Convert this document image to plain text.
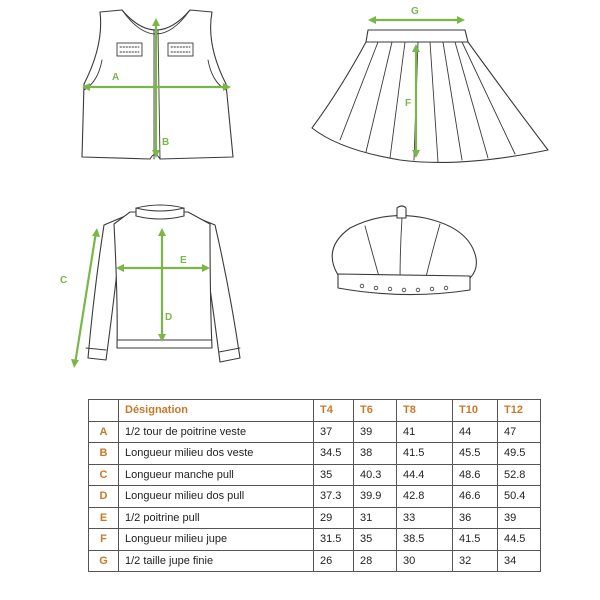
A
B
G
F
C
E
D
	Désignation	T4	T6	T8	T10	T12
A	1/2 tour de poitrine veste	37	39	41	44	47
B	Longueur milieu dos veste	34.5	38	41.5	45.5	49.5
C	Longueur manche pull	35	40.3	44.4	48.6	52.8
D	Longueur milieu dos pull	37.3	39.9	42.8	46.6	50.4
E	1/2 poitrine pull	29	31	33	36	39
F	Longueur milieu jupe	31.5	35	38.5	41.5	44.5
G	1/2 taille jupe finie	26	28	30	32	34
